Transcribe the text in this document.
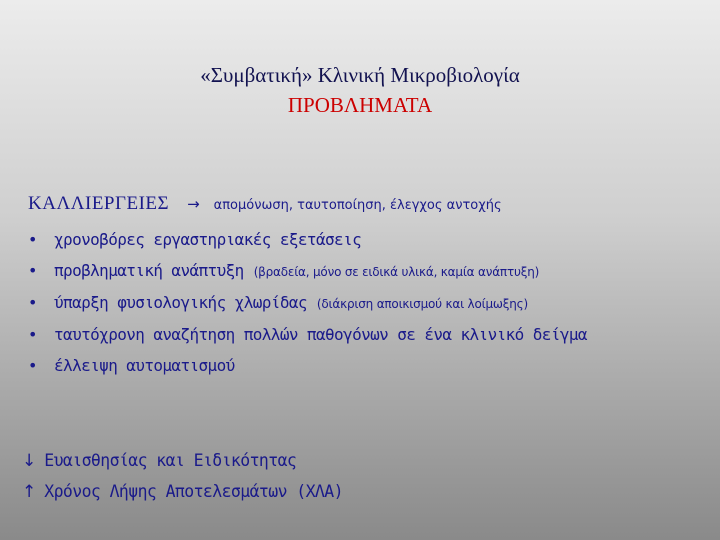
«Συμβατική» Κλινική Μικροβιολογία
ΠΡΟΒΛΗΜΑΤΑ
ΚΑΛΛΙΕΡΓΕΙΕΣ → απομόνωση, ταυτοποίηση, έλεγχος αντοχής
• χρονοβόρες εργαστηριακές εξετάσεις
• προβληματική ανάπτυξη (βραδεία, μόνο σε ειδικά υλικά, καμία ανάπτυξη)
• ύπαρξη φυσιολογικής χλωρίδας (διάκριση αποικισμού και λοίμωξης)
• ταυτόχρονη αναζήτηση πολλών παθογόνων σε ένα κλινικό δείγμα
• έλλειψη αυτοματισμού
↓ Ευαισθησίας και Ειδικότητας
↑ Χρόνος Λήψης Αποτελεσμάτων (ΧΛΑ)
